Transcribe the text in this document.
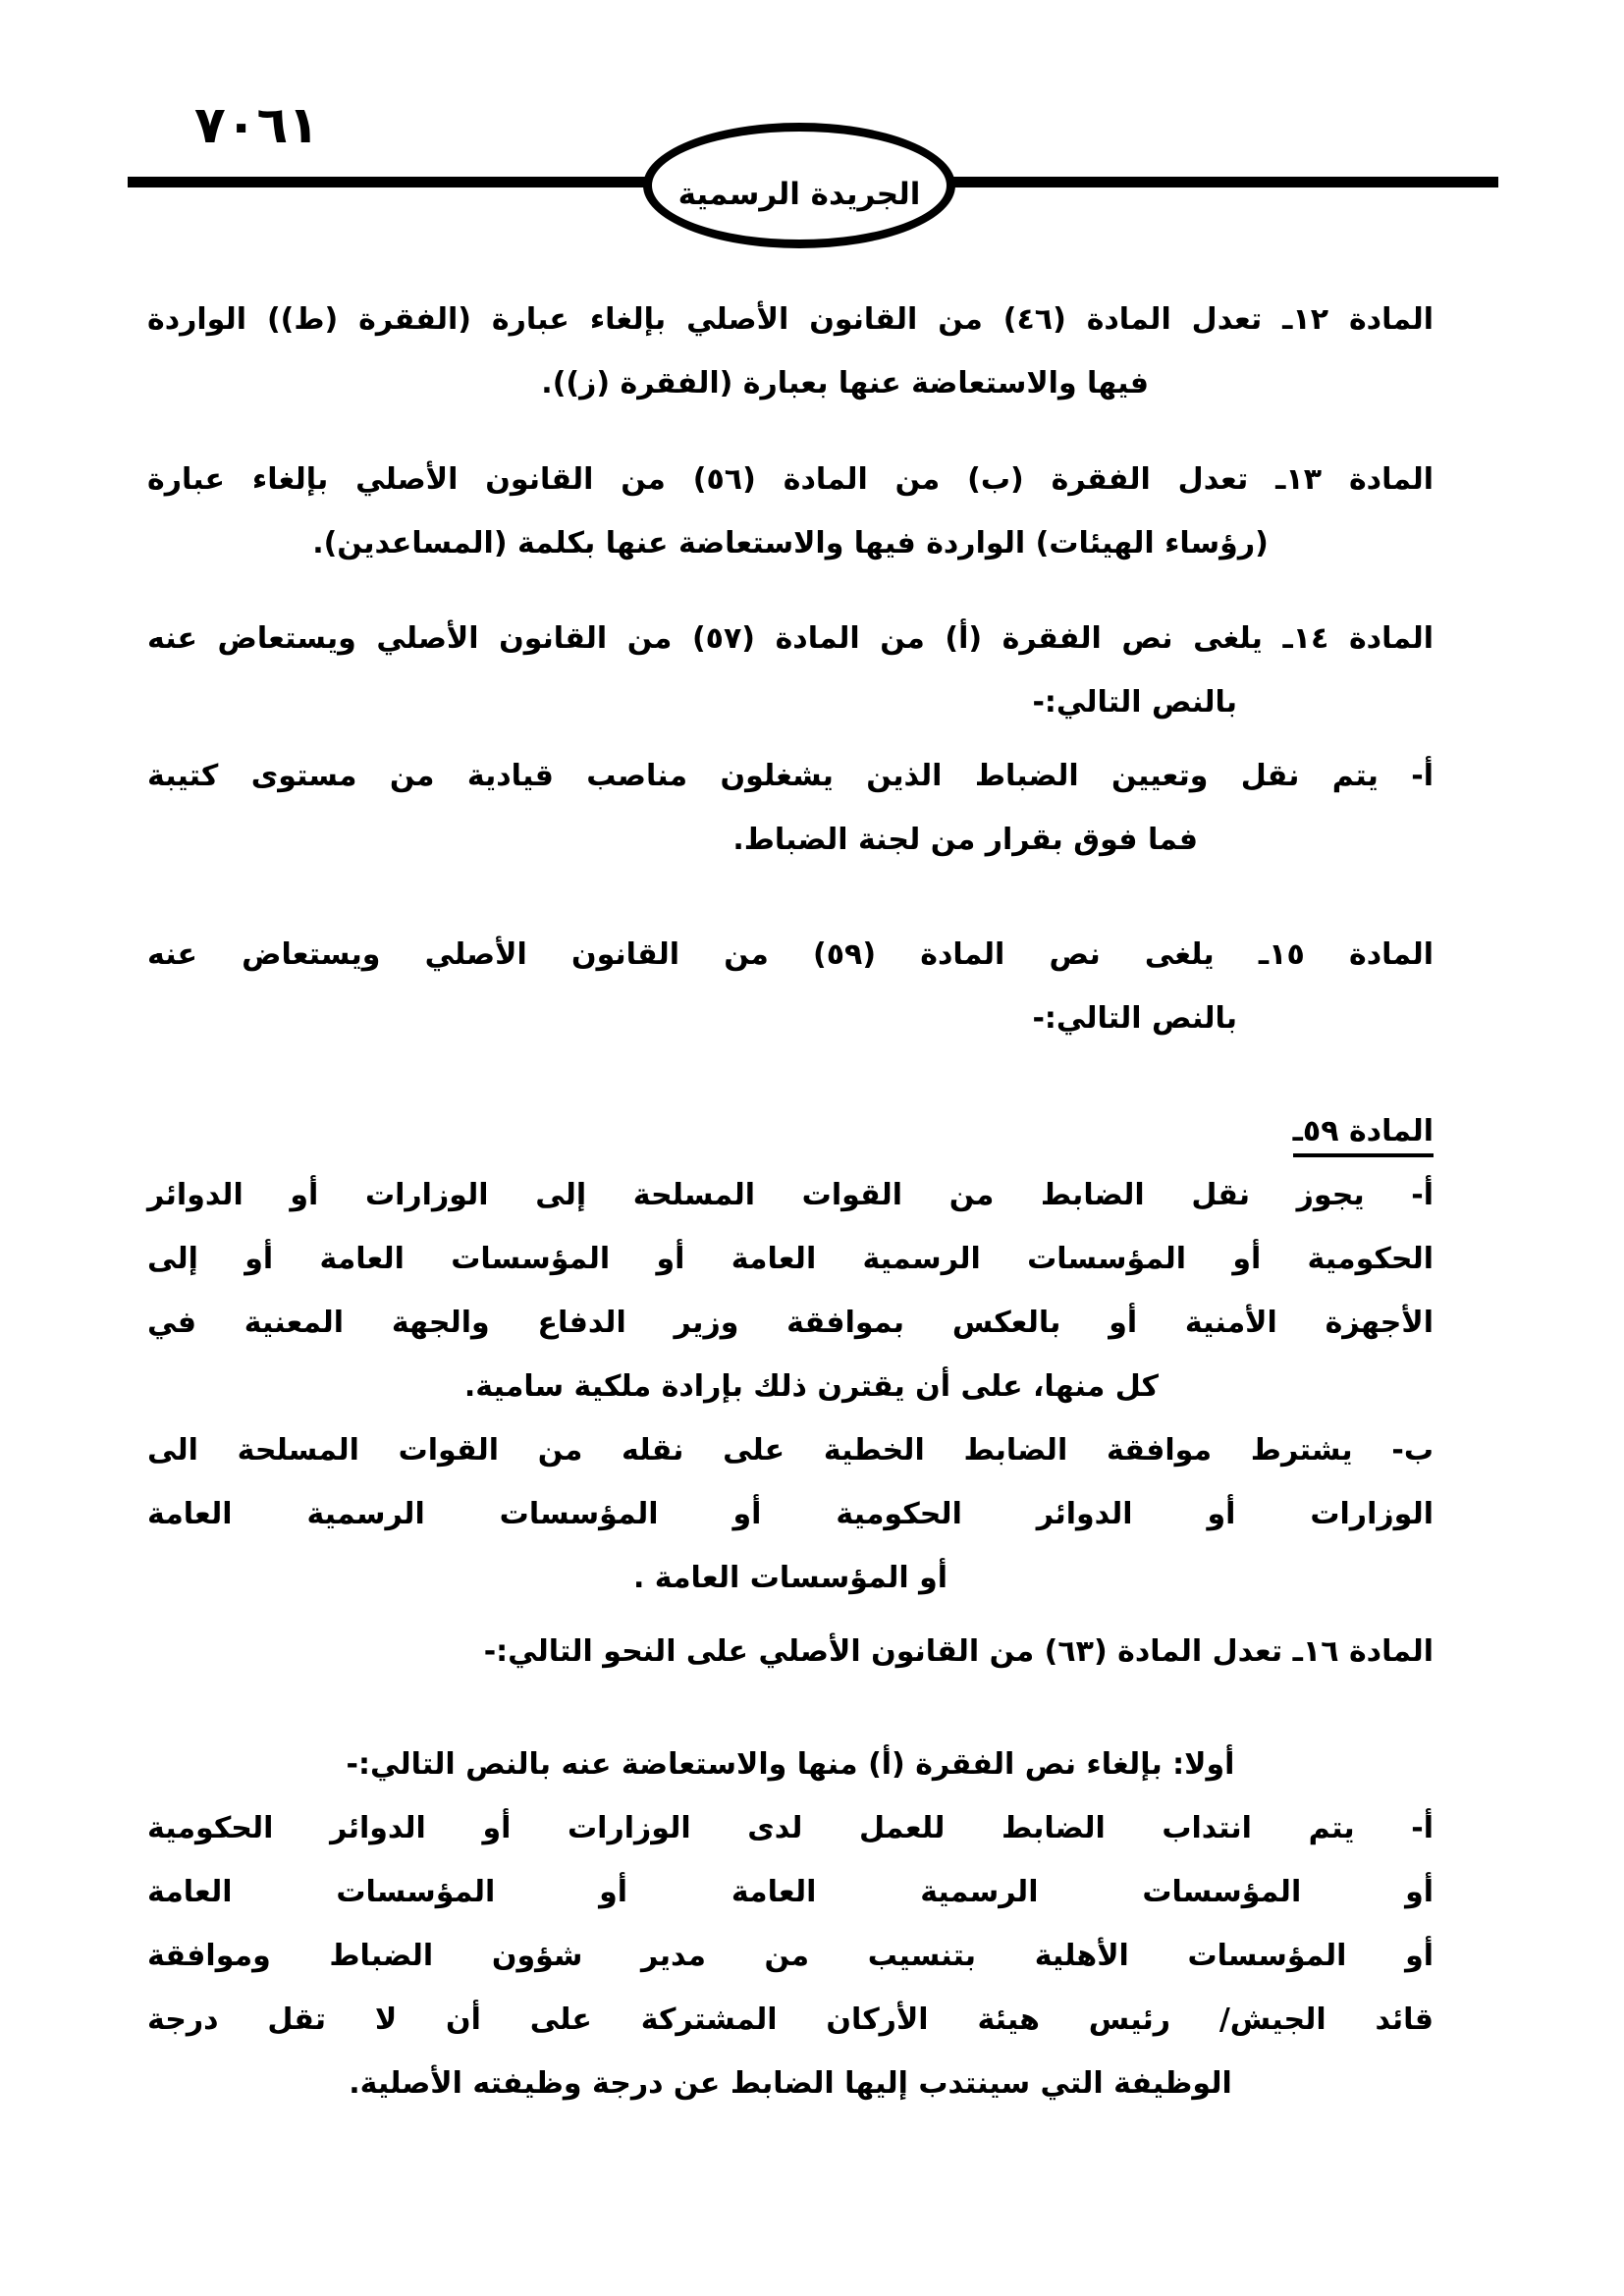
٧٠٦١
الجريدة الرسمية
المادة ١٢ـ تعدل المادة (٤٦) من القانون الأصلي بإلغاء عبارة (الفقرة (ط)) الواردة
فيها والاستعاضة عنها بعبارة (الفقرة (ز)).
المادة ١٣ـ تعدل الفقرة (ب) من المادة (٥٦) من القانون الأصلي بإلغاء عبارة
(رؤساء الهيئات) الواردة فيها والاستعاضة عنها بكلمة (المساعدين).
المادة ١٤ـ يلغى نص الفقرة (أ) من المادة (٥٧) من القانون الأصلي ويستعاض عنه
بالنص التالي:-
أ- يتم نقل وتعيين الضباط الذين يشغلون مناصب قيادية من مستوى كتيبة
فما فوق بقرار من لجنة الضباط.
المادة ١٥ـ يلغى نص المادة (٥٩) من القانون الأصلي ويستعاض عنه
بالنص التالي:-
المادة ٥٩ـ
أ- يجوز نقل الضابط من القوات المسلحة إلى الوزارات أو الدوائر
الحكومية أو المؤسسات الرسمية العامة أو المؤسسات العامة أو إلى
الأجهزة الأمنية أو بالعكس بموافقة وزير الدفاع والجهة المعنية في
كل منها، على أن يقترن ذلك بإرادة ملكية سامية.
ب- يشترط موافقة الضابط الخطية على نقله من القوات المسلحة الى
الوزارات أو الدوائر الحكومية أو المؤسسات الرسمية العامة
أو المؤسسات العامة .
المادة ١٦ـ تعدل المادة (٦٣) من القانون الأصلي على النحو التالي:-
أولا: بإلغاء نص الفقرة (أ) منها والاستعاضة عنه بالنص التالي:-
أ- يتم انتداب الضابط للعمل لدى الوزارات أو الدوائر الحكومية
أو المؤسسات الرسمية العامة أو المؤسسات العامة
أو المؤسسات الأهلية بتنسيب من مدير شؤون الضباط وموافقة
قائد الجيش/ رئيس هيئة الأركان المشتركة على أن لا تقل درجة
الوظيفة التي سينتدب إليها الضابط عن درجة وظيفته الأصلية.
